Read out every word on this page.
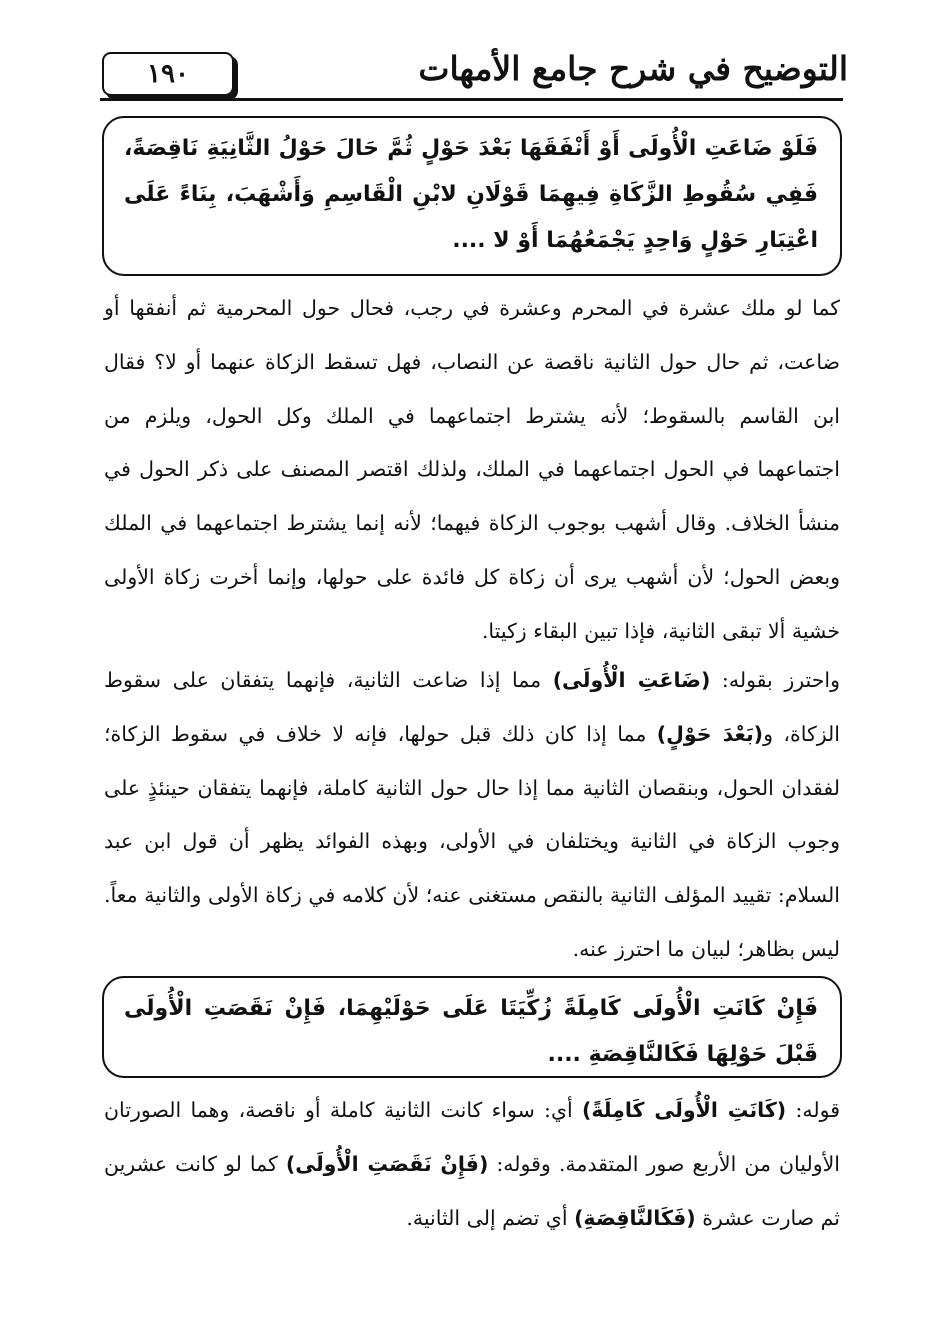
التوضيح في شرح جامع الأمهات
١٩٠
فَلَوْ ضَاعَتِ الْأُولَى أَوْ أَنْفَقَهَا بَعْدَ حَوْلٍ ثُمَّ حَالَ حَوْلُ الثَّانِيَةِ نَاقِصَةً، فَفِي سُقُوطِ الزَّكَاةِ فِيهِمَا قَوْلَانِ لابْنِ الْقَاسِمِ وَأَشْهَبَ، بِنَاءً عَلَى اعْتِبَارِ حَوْلٍ وَاحِدٍ يَجْمَعُهُمَا أَوْ لا ....
كما لو ملك عشرة في المحرم وعشرة في رجب، فحال حول المحرمية ثم أنفقها أو ضاعت، ثم حال حول الثانية ناقصة عن النصاب، فهل تسقط الزكاة عنهما أو لا؟ فقال ابن القاسم بالسقوط؛ لأنه يشترط اجتماعهما في الملك وكل الحول، ويلزم من اجتماعهما في الحول اجتماعهما في الملك، ولذلك اقتصر المصنف على ذكر الحول في منشأ الخلاف. وقال أشهب بوجوب الزكاة فيهما؛ لأنه إنما يشترط اجتماعهما في الملك وبعض الحول؛ لأن أشهب يرى أن زكاة كل فائدة على حولها، وإنما أخرت زكاة الأولى خشية ألا تبقى الثانية، فإذا تبين البقاء زكيتا.
واحترز بقوله: (ضَاعَتِ الْأُولَى) مما إذا ضاعت الثانية، فإنهما يتفقان على سقوط الزكاة، و(بَعْدَ حَوْلٍ) مما إذا كان ذلك قبل حولها، فإنه لا خلاف في سقوط الزكاة؛ لفقدان الحول، وبنقصان الثانية مما إذا حال حول الثانية كاملة، فإنهما يتفقان حينئذٍ على وجوب الزكاة في الثانية ويختلفان في الأولى، وبهذه الفوائد يظهر أن قول ابن عبد السلام: تقييد المؤلف الثانية بالنقص مستغنى عنه؛ لأن كلامه في زكاة الأولى والثانية معاً. ليس بظاهر؛ لبيان ما احترز عنه.
فَإِنْ كَانَتِ الْأُولَى كَامِلَةً زُكِّيَتَا عَلَى حَوْلَيْهِمَا، فَإِنْ نَقَصَتِ الْأُولَى قَبْلَ حَوْلِهَا فَكَالنَّاقِصَةِ ....
قوله: (كَانَتِ الْأُولَى كَامِلَةً) أي: سواء كانت الثانية كاملة أو ناقصة، وهما الصورتان الأوليان من الأربع صور المتقدمة. وقوله: (فَإِنْ نَقَصَتِ الْأُولَى) كما لو كانت عشرين ثم صارت عشرة (فَكَالنَّاقِصَةِ) أي تضم إلى الثانية.
